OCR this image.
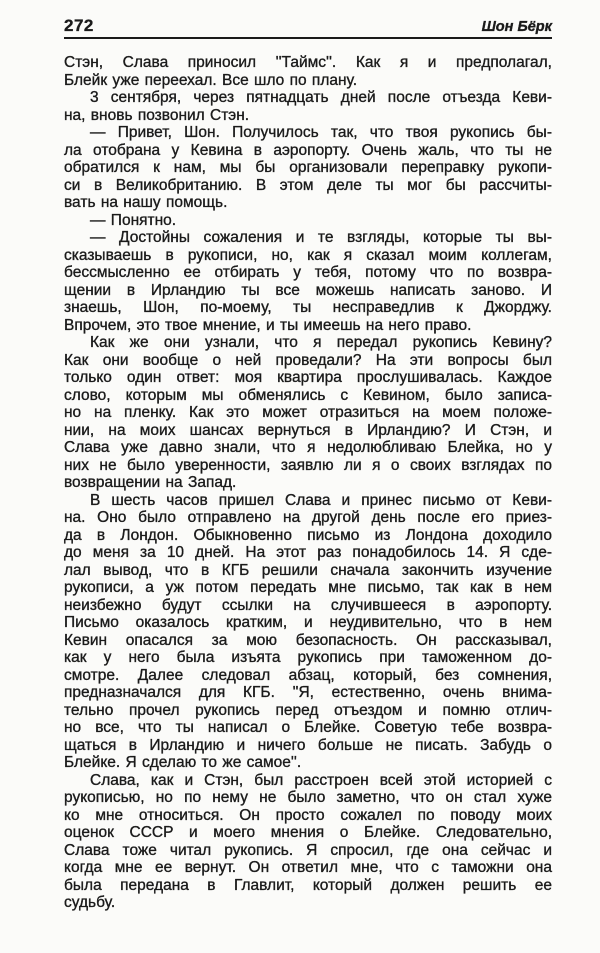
272	Шон Бёрк
Стэн, Слава приносил ''Таймс''. Как я и предполагал,
Блейк уже переехал. Все шло по плану.
3 сентября, через пятнадцать дней после отъезда Кеви-
на, вновь позвонил Стэн.
— Привет, Шон. Получилось так, что твоя рукопись бы-
ла отобрана у Кевина в аэропорту. Очень жаль, что ты не
обратился к нам, мы бы организовали переправку рукопи-
си в Великобританию. В этом деле ты мог бы рассчиты-
вать на нашу помощь.
— Понятно.
— Достойны сожаления и те взгляды, которые ты вы-
сказываешь в рукописи, но, как я сказал моим коллегам,
бессмысленно ее отбирать у тебя, потому что по возвра-
щении в Ирландию ты все можешь написать заново. И
знаешь, Шон, по-моему, ты несправедлив к Джорджу.
Впрочем, это твое мнение, и ты имеешь на него право.
Как же они узнали, что я передал рукопись Кевину?
Как они вообще о ней проведали? На эти вопросы был
только один ответ: моя квартира прослушивалась. Каждое
слово, которым мы обменялись с Кевином, было записа-
но на пленку. Как это может отразиться на моем положе-
нии, на моих шансах вернуться в Ирландию? И Стэн, и
Слава уже давно знали, что я недолюбливаю Блейка, но у
них не было уверенности, заявлю ли я о своих взглядах по
возвращении на Запад.
В шесть часов пришел Слава и принес письмо от Кеви-
на. Оно было отправлено на другой день после его приез-
да в Лондон. Обыкновенно письмо из Лондона доходило
до меня за 10 дней. На этот раз понадобилось 14. Я сде-
лал вывод, что в КГБ решили сначала закончить изучение
рукописи, а уж потом передать мне письмо, так как в нем
неизбежно будут ссылки на случившееся в аэропорту.
Письмо оказалось кратким, и неудивительно, что в нем
Кевин опасался за мою безопасность. Он рассказывал,
как у него была изъята рукопись при таможенном до-
смотре. Далее следовал абзац, который, без сомнения,
предназначался для КГБ. ''Я, естественно, очень внима-
тельно прочел рукопись перед отъездом и помню отлич-
но все, что ты написал о Блейке. Советую тебе возвра-
щаться в Ирландию и ничего больше не писать. Забудь о
Блейке. Я сделаю то же самое''.
Слава, как и Стэн, был расстроен всей этой историей с
рукописью, но по нему не было заметно, что он стал хуже
ко мне относиться. Он просто сожалел по поводу моих
оценок СССР и моего мнения о Блейке. Следовательно,
Слава тоже читал рукопись. Я спросил, где она сейчас и
когда мне ее вернут. Он ответил мне, что с таможни она
была передана в Главлит, который должен решить ее
судьбу.
